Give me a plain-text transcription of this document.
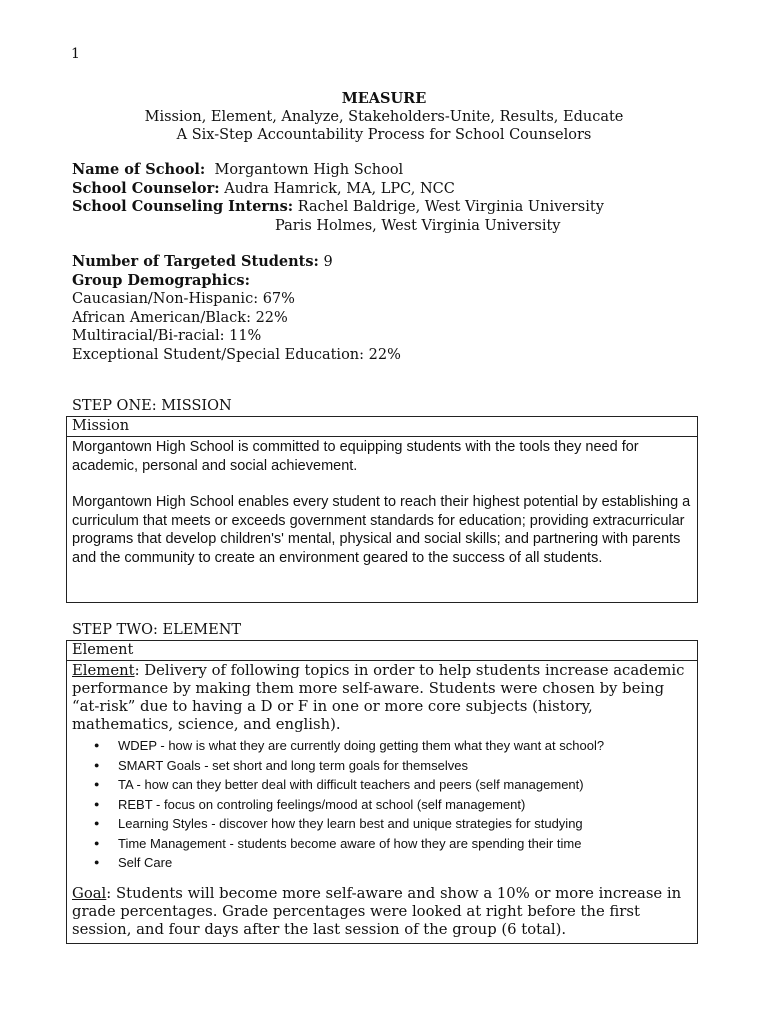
1
MEASURE
Mission, Element, Analyze, Stakeholders-Unite, Results, Educate
A Six-Step Accountability Process for School Counselors
Name of School: Morgantown High School
School Counselor: Audra Hamrick, MA, LPC, NCC
School Counseling Interns: Rachel Baldrige, West Virginia University
Paris Holmes, West Virginia University
Number of Targeted Students: 9
Group Demographics:
Caucasian/Non-Hispanic: 67%
African American/Black: 22%
Multiracial/Bi-racial: 11%
Exceptional Student/Special Education: 22%
STEP ONE: MISSION
Mission

Morgantown High School is committed to equipping students with the tools they need for academic, personal and social achievement.

Morgantown High School enables every student to reach their highest potential by establishing a curriculum that meets or exceeds government standards for education; providing extracurricular programs that develop children's' mental, physical and social skills; and partnering with parents and the community to create an environment geared to the success of all students.

STEP TWO: ELEMENT
Element

Element: Delivery of following topics in order to help students increase academic performance by making them more self-aware. Students were chosen by being “at-risk” due to having a D or F in one or more core subjects (history, mathematics, science, and english).

● WDEP - how is what they are currently doing getting them what they want at school?
● SMART Goals - set short and long term goals for themselves
● TA - how can they better deal with difficult teachers and peers (self management)
● REBT - focus on controling feelings/mood at school (self management)
● Learning Styles - discover how they learn best and unique strategies for studying
● Time Management - students become aware of how they are spending their time
● Self Care

Goal: Students will become more self-aware and show a 10% or more increase in grade percentages. Grade percentages were looked at right before the first session, and four days after the last session of the group (6 total).
